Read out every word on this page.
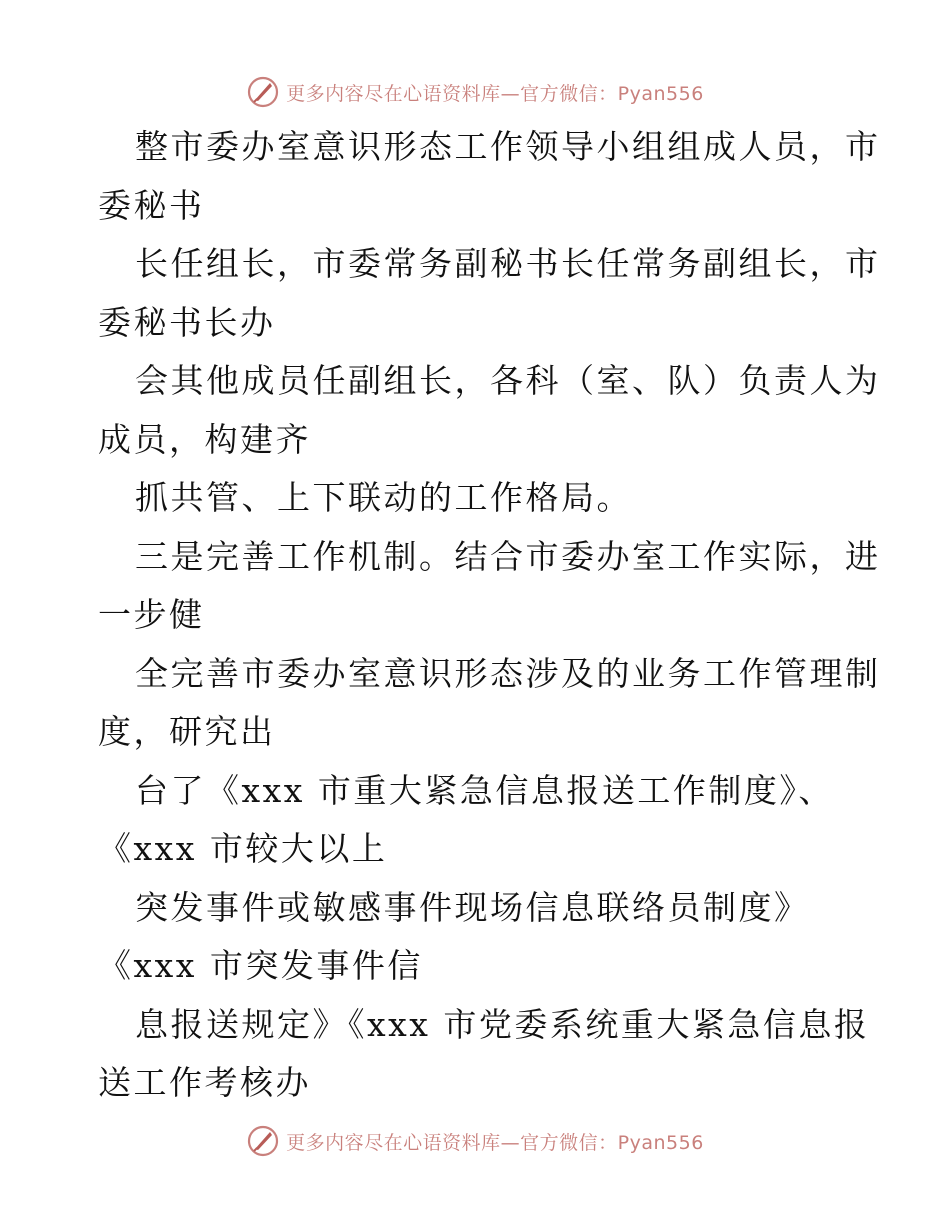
更多内容尽在心语资料库—官方微信：Pyan556
整市委办室意识形态工作领导小组组成人员，市
委秘书
长任组长，市委常务副秘书长任常务副组长，市
委秘书长办
会其他成员任副组长，各科（室、队）负责人为
成员，构建齐
抓共管、上下联动的工作格局。
三是完善工作机制。结合市委办室工作实际，进
一步健
全完善市委办室意识形态涉及的业务工作管理制
度，研究出
台了《xxx 市重大紧急信息报送工作制度》、
《xxx 市较大以上
突发事件或敏感事件现场信息联络员制度》
《xxx 市突发事件信
息报送规定》《xxx 市党委系统重大紧急信息报
送工作考核办
更多内容尽在心语资料库—官方微信：Pyan556
